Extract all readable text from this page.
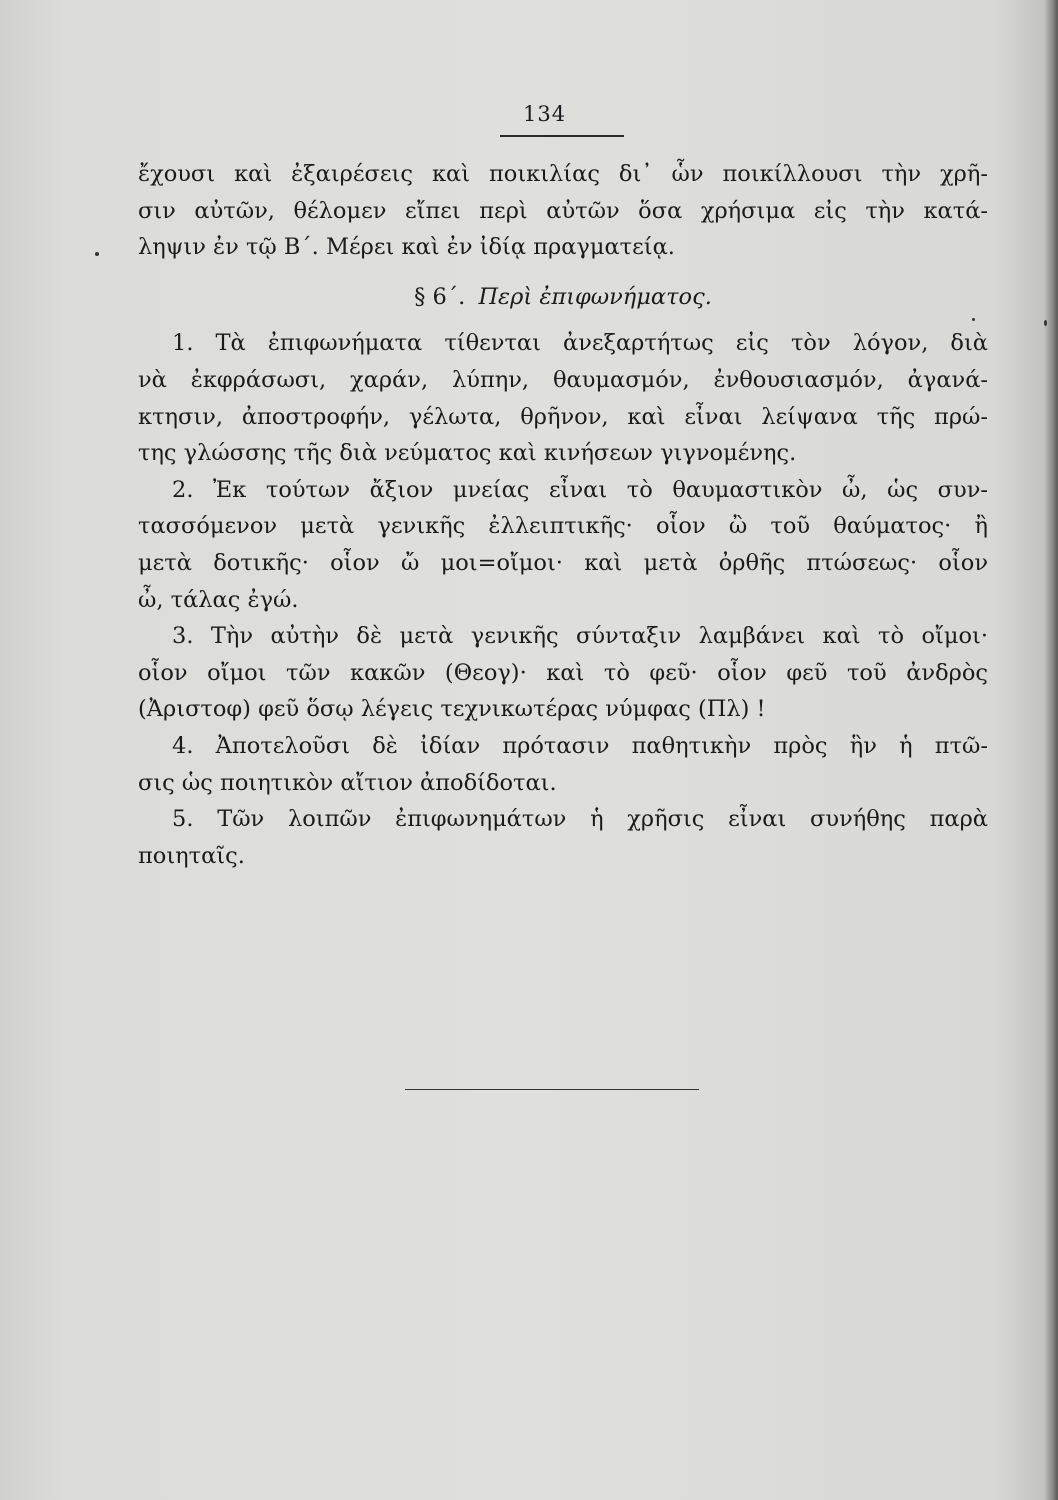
134
ἔχουσι καὶ ἐξαιρέσεις καὶ ποικιλίας δι᾽ ὧν ποικίλλουσι τὴν χρῆ-
σιν αὐτῶν, θέλομεν εἴπει περὶ αὐτῶν ὅσα χρήσιμα εἰς τὴν κατά-
ληψιν ἐν τῷ Β΄. Μέρει καὶ ἐν ἰδίᾳ πραγματείᾳ.
§ 6΄. Περὶ ἐπιφωνήματος.
1. Τὰ ἐπιφωνήματα τίθενται ἀνεξαρτήτως εἰς τὸν λόγον, διὰ
νὰ ἐκφράσωσι, χαράν, λύπην, θαυμασμόν, ἐνθουσιασμόν, ἀγανά-
κτησιν, ἀποστροφήν, γέλωτα, θρῆνον, καὶ εἶναι λείψανα τῆς πρώ-
της γλώσσης τῆς διὰ νεύματος καὶ κινήσεων γιγνομένης.
2. Ἐκ τούτων ἄξιον μνείας εἶναι τὸ θαυμαστικὸν ὦ, ὡς συν-
τασσόμενον μετὰ γενικῆς ἐλλειπτικῆς· οἷον ὢ τοῦ θαύματος· ἢ
μετὰ δοτικῆς· οἷον ὤ μοι=οἴμοι· καὶ μετὰ ὀρθῆς πτώσεως· οἷον
ὦ, τάλας ἐγώ.
3. Τὴν αὐτὴν δὲ μετὰ γενικῆς σύνταξιν λαμβάνει καὶ τὸ οἴμοι·
οἷον οἴμοι τῶν κακῶν (Θεογ)· καὶ τὸ φεῦ· οἷον φεῦ τοῦ ἀνδρὸς
(Ἀριστοφ) φεῦ ὅσῳ λέγεις τεχνικωτέρας νύμφας (Πλ) !
4. Ἀποτελοῦσι δὲ ἰδίαν πρότασιν παθητικὴν πρὸς ἣν ἡ πτῶ-
σις ὡς ποιητικὸν αἴτιον ἀποδίδοται.
5. Τῶν λοιπῶν ἐπιφωνημάτων ἡ χρῆσις εἶναι συνήθης παρὰ
ποιηταῖς.
